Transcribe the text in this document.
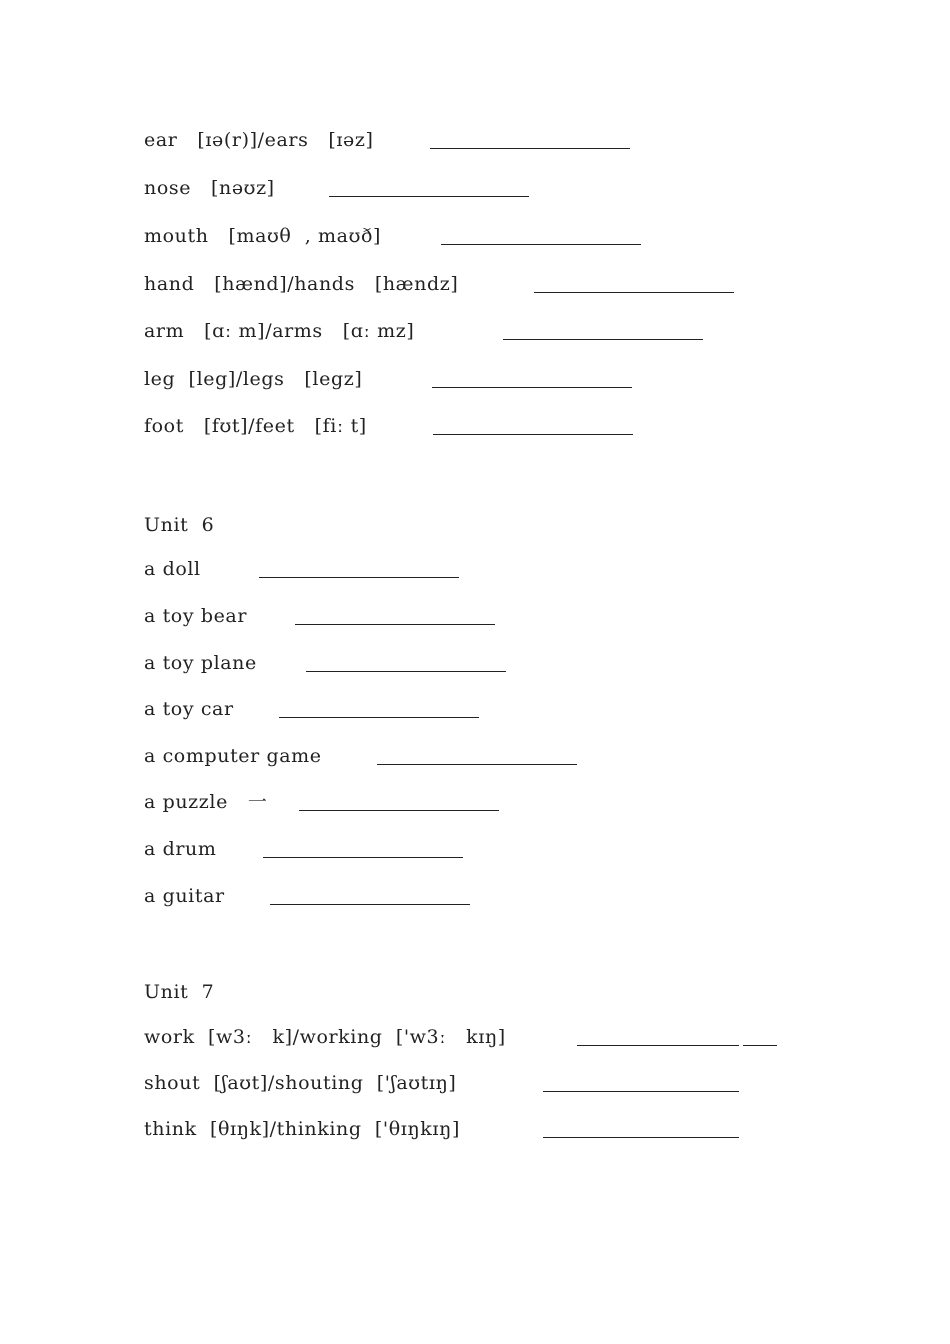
ear   [ɪə(r)]/ears   [ɪəz]
nose   [nəʊz]
mouth   [maʊθ  , maʊð]
hand   [hænd]/hands   [hændz]
arm   [ɑː m]/arms   [ɑː mz]
leg  [leg]/legs   [legz]
foot   [fʊt]/feet   [fiː t]
Unit  6
a doll
a toy bear
a toy plane
a toy car
a computer game
a puzzle   一
a drum
a guitar
Unit  7
work  [w3ː   k]/working  ['w3ː   kɪŋ]
shout  [ʃaʊt]/shouting  ['ʃaʊtɪŋ]
think  [θɪŋk]/thinking  ['θɪŋkɪŋ]
